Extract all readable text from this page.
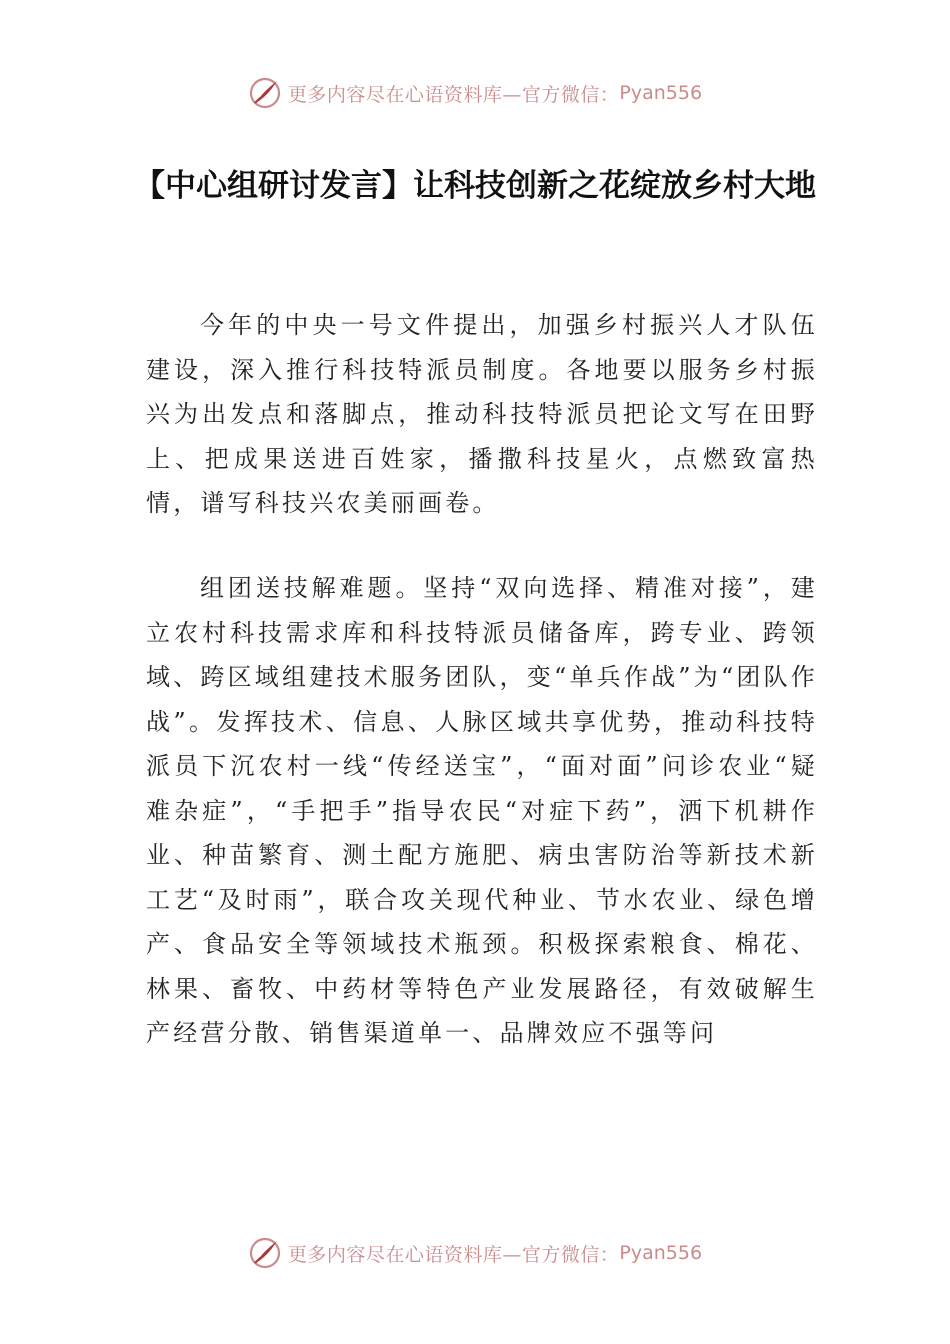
更多内容尽在心语资料库—官方微信： Pyan556
【中心组研讨发言】让科技创新之花绽放乡村大地

今年的中央一号文件提出，加强乡村振兴人才队伍建设，深入推行科技特派员制度。各地要以服务乡村振兴为出发点和落脚点，推动科技特派员把论文写在田野上、把成果送进百姓家，播撒科技星火，点燃致富热情，谱写科技兴农美丽画卷。

组团送技解难题。坚持“双向选择、精准对接”，建立农村科技需求库和科技特派员储备库，跨专业、跨领域、跨区域组建技术服务团队，变“单兵作战”为“团队作战”。发挥技术、信息、人脉区域共享优势，推动科技特派员下沉农村一线“传经送宝”，“面对面”问诊农业“疑难杂症”，“手把手”指导农民“对症下药”，洒下机耕作业、种苗繁育、测土配方施肥、病虫害防治等新技术新工艺“及时雨”，联合攻关现代种业、节水农业、绿色增产、食品安全等领域技术瓶颈。积极探索粮食、棉花、林果、畜牧、中药材等特色产业发展路径，有效破解生产经营分散、销售渠道单一、品牌效应不强等问

更多内容尽在心语资料库—官方微信： Pyan556
